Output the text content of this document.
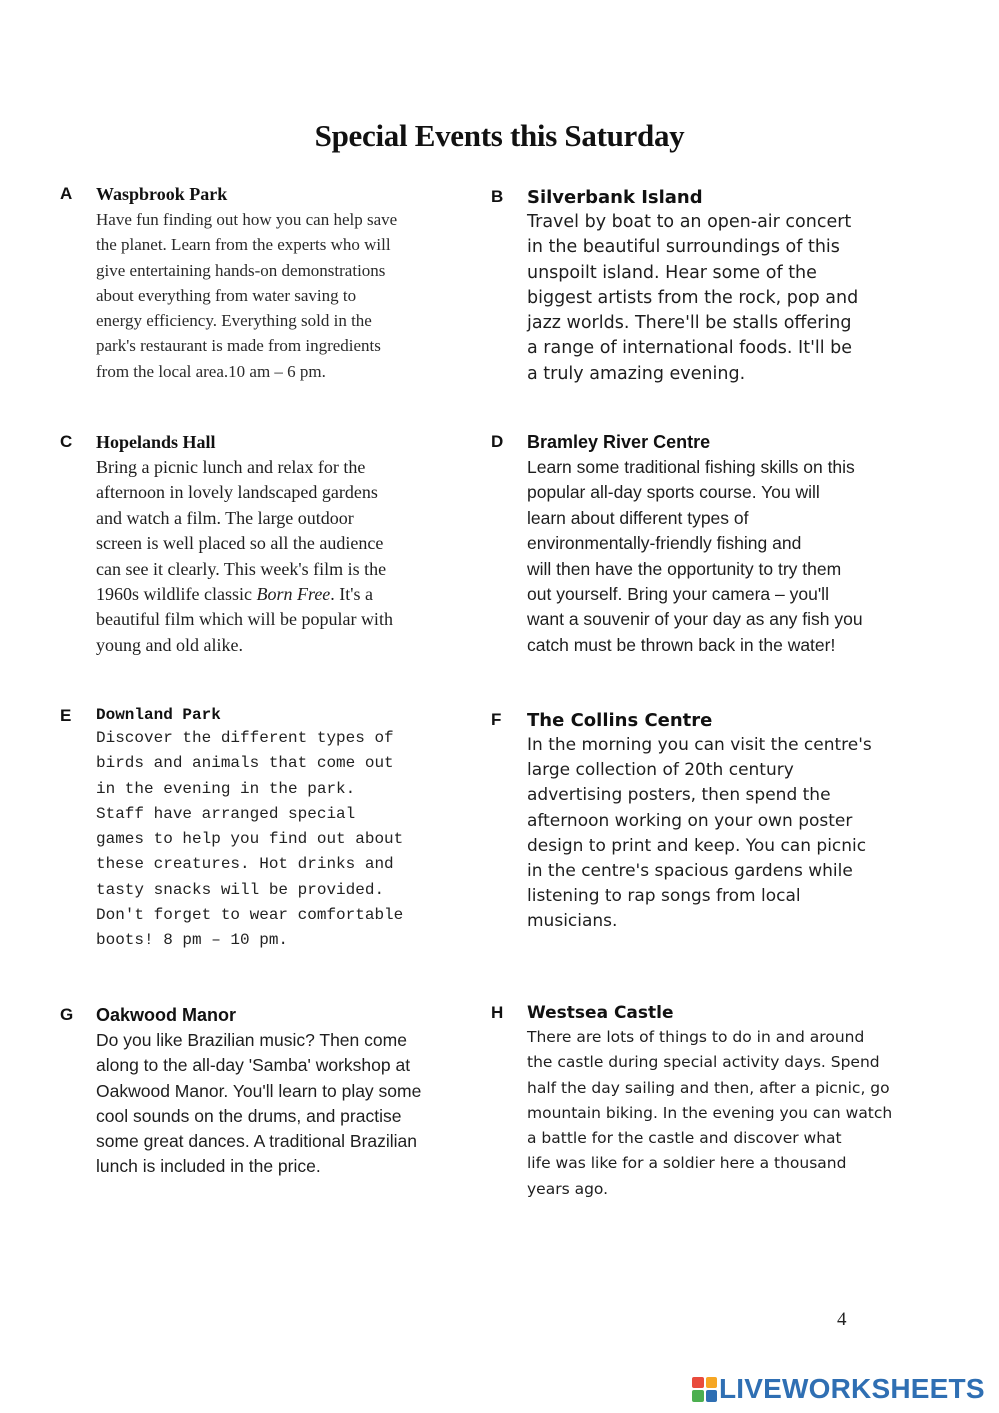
Special Events this Saturday
A Waspbrook Park
Have fun finding out how you can help save
the planet. Learn from the experts who will
give entertaining hands-on demonstrations
about everything from water saving to
energy efficiency. Everything sold in the
park's restaurant is made from ingredients
from the local area.10 am – 6 pm.
B Silverbank Island
Travel by boat to an open-air concert
in the beautiful surroundings of this
unspoilt island. Hear some of the
biggest artists from the rock, pop and
jazz worlds. There'll be stalls offering
a range of international foods. It'll be
a truly amazing evening.
C Hopelands Hall
Bring a picnic lunch and relax for the
afternoon in lovely landscaped gardens
and watch a film. The large outdoor
screen is well placed so all the audience
can see it clearly. This week's film is the
1960s wildlife classic Born Free. It's a
beautiful film which will be popular with
young and old alike.
D Bramley River Centre
Learn some traditional fishing skills on this
popular all-day sports course. You will
learn about different types of
environmentally-friendly fishing and
will then have the opportunity to try them
out yourself. Bring your camera – you'll
want a souvenir of your day as any fish you
catch must be thrown back in the water!
E Downland Park
Discover the different types of
birds and animals that come out
in the evening in the park.
Staff have arranged special
games to help you find out about
these creatures. Hot drinks and
tasty snacks will be provided.
Don't forget to wear comfortable
boots! 8 pm – 10 pm.
F The Collins Centre
In the morning you can visit the centre's
large collection of 20th century
advertising posters, then spend the
afternoon working on your own poster
design to print and keep. You can picnic
in the centre's spacious gardens while
listening to rap songs from local
musicians.
G Oakwood Manor
Do you like Brazilian music? Then come
along to the all-day 'Samba' workshop at
Oakwood Manor. You'll learn to play some
cool sounds on the drums, and practise
some great dances. A traditional Brazilian
lunch is included in the price.
H Westsea Castle
There are lots of things to do in and around
the castle during special activity days. Spend
half the day sailing and then, after a picnic, go
mountain biking. In the evening you can watch
a battle for the castle and discover what
life was like for a soldier here a thousand
years ago.
4
LIVEWORKSHEETS
